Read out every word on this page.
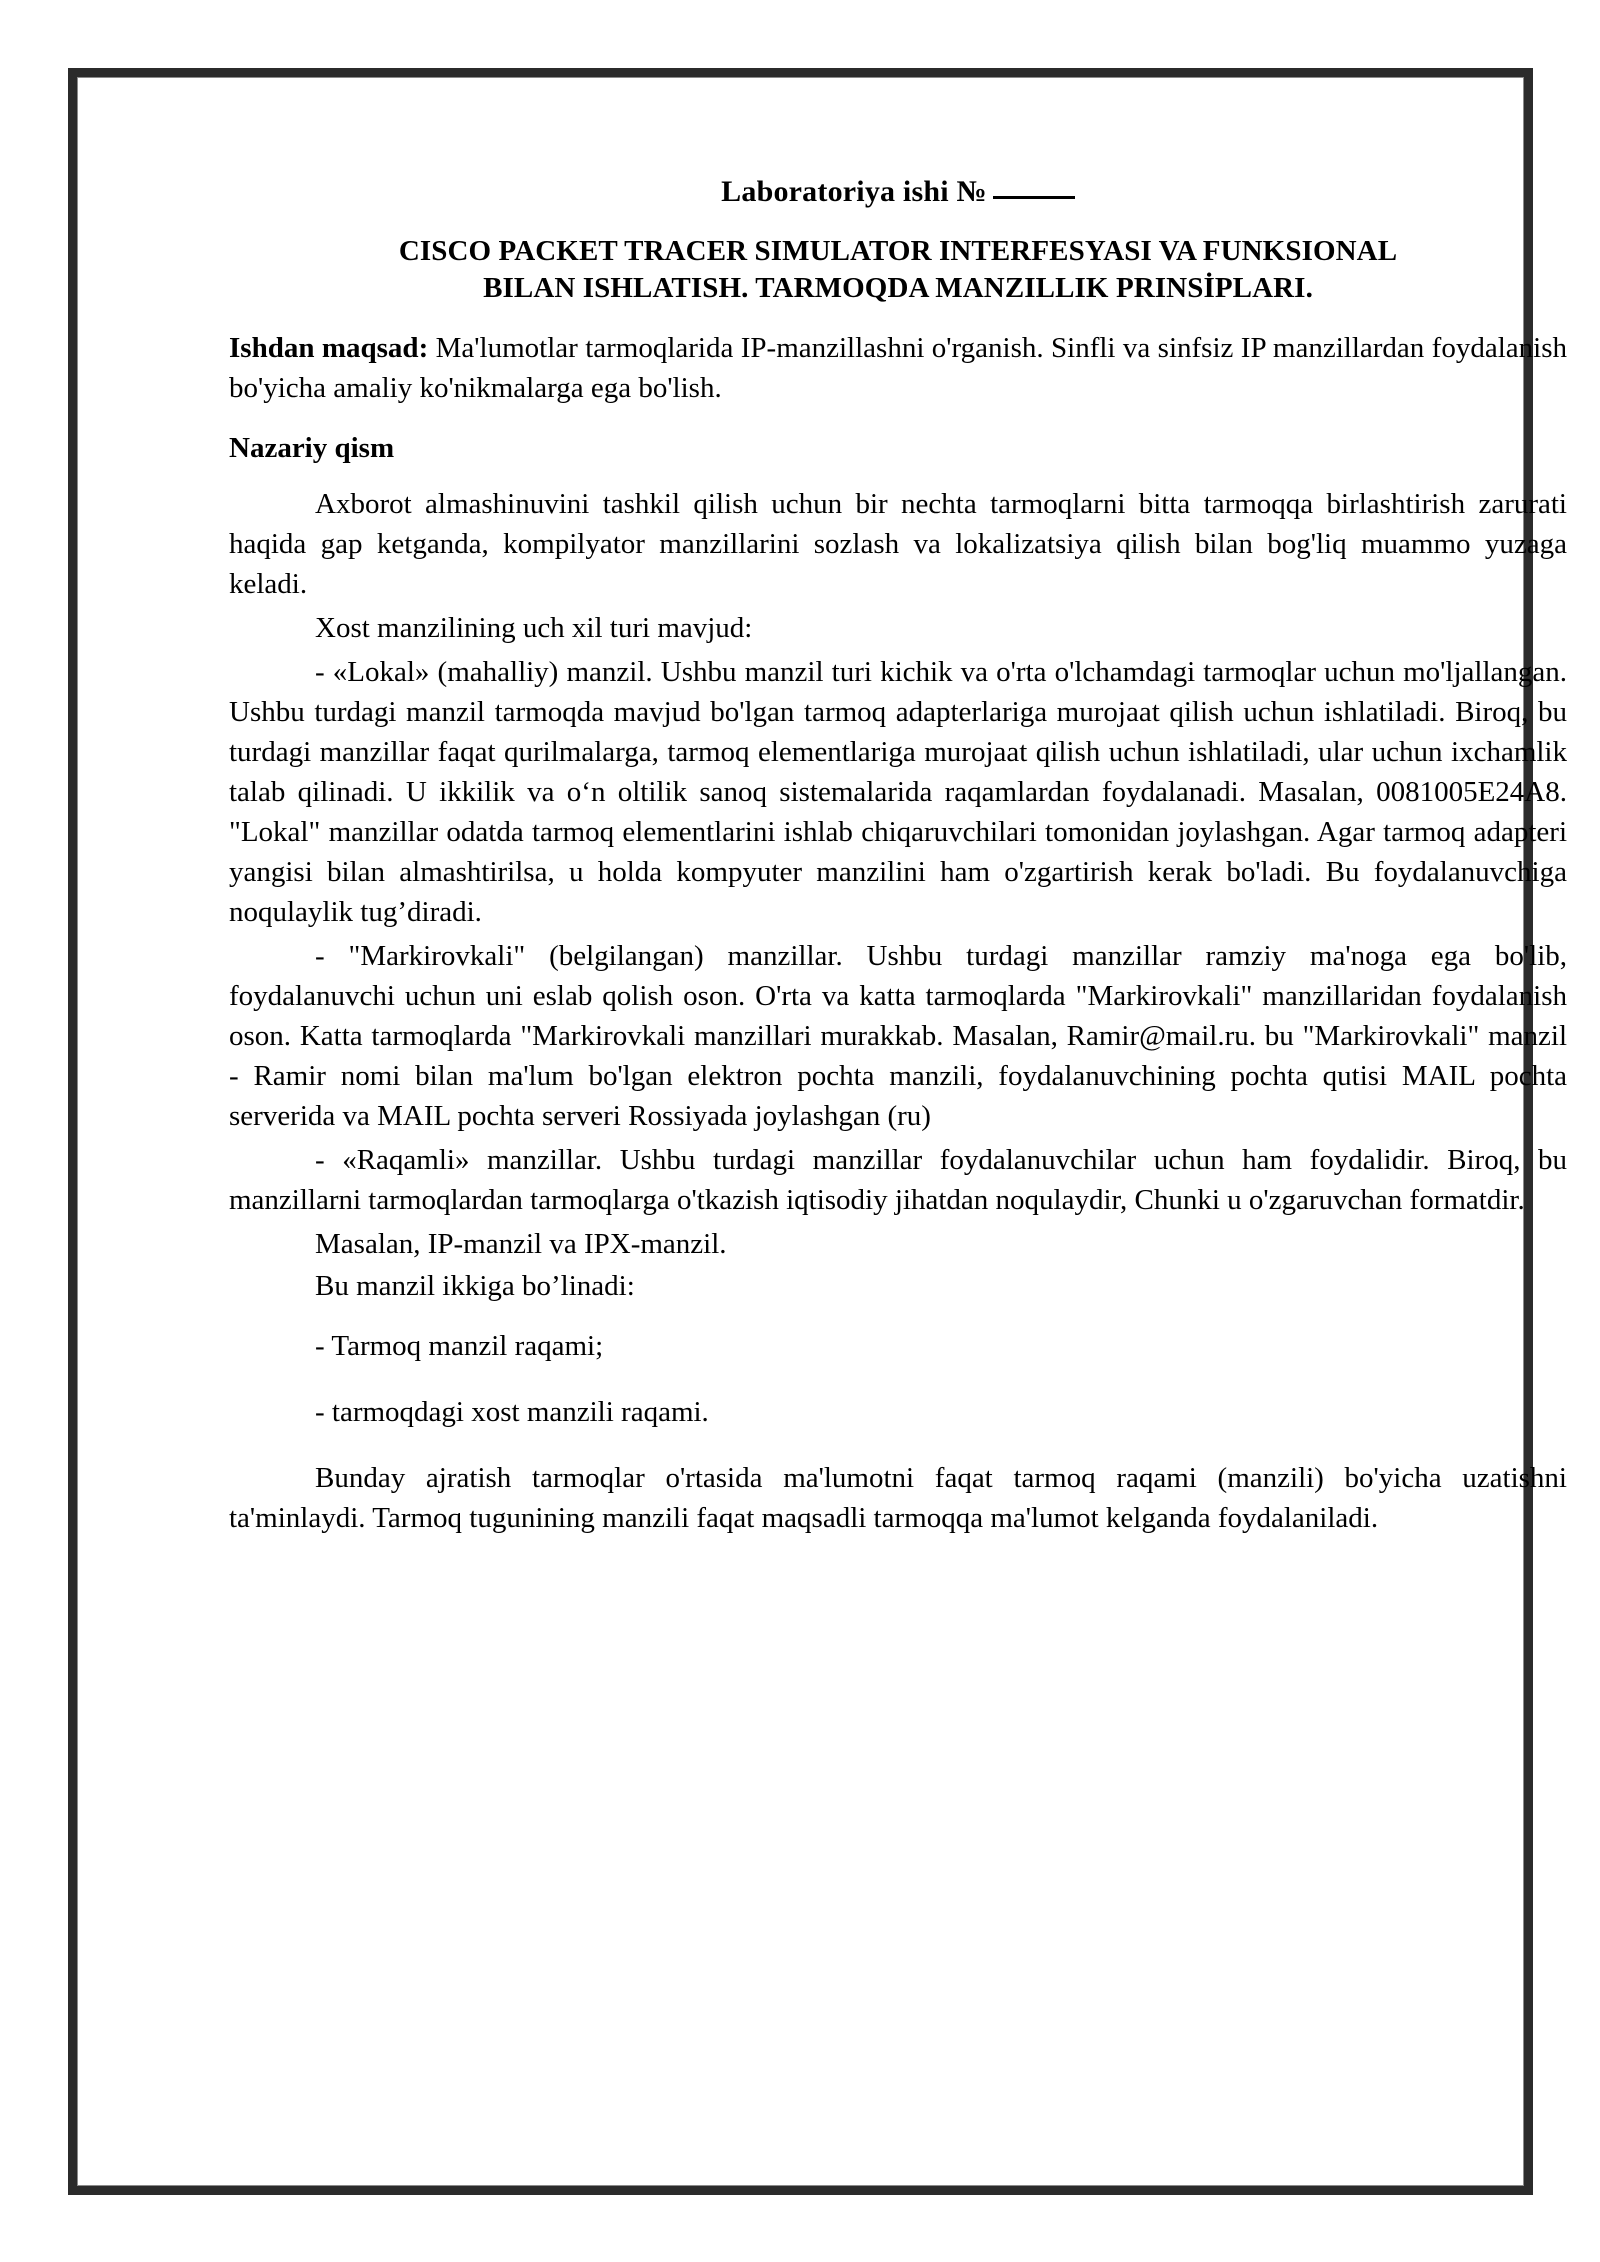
Laboratoriya ishi №
CISCO PACKET TRACER SIMULATOR INTERFESYASI VA FUNKSIONAL BILAN ISHLATISH. TARMOQDA MANZILLIK PRINSİPLARI.

Ishdan maqsad: Ma'lumotlar tarmoqlarida IP-manzillashni o'rganish. Sinfli va sinfsiz IP manzillardan foydalanish bo'yicha amaliy ko'nikmalarga ega bo'lish.

Nazariy qism

Axborot almashinuvini tashkil qilish uchun bir nechta tarmoqlarni bitta tarmoqqa birlashtirish zarurati haqida gap ketganda, kompilyator manzillarini sozlash va lokalizatsiya qilish bilan bog'liq muammo yuzaga keladi.

Xost manzilining uch xil turi mavjud:

- «Lokal» (mahalliy) manzil. Ushbu manzil turi kichik va o'rta o'lchamdagi tarmoqlar uchun mo'ljallangan. Ushbu turdagi manzil tarmoqda mavjud bo'lgan tarmoq adapterlariga murojaat qilish uchun ishlatiladi. Biroq, bu turdagi manzillar faqat qurilmalarga, tarmoq elementlariga murojaat qilish uchun ishlatiladi, ular uchun ixchamlik talab qilinadi. U ikkilik va oʻn oltilik sanoq sistemalarida raqamlardan foydalanadi. Masalan, 0081005E24A8. "Lokal" manzillar odatda tarmoq elementlarini ishlab chiqaruvchilari tomonidan joylashgan. Agar tarmoq adapteri yangisi bilan almashtirilsa, u holda kompyuter manzilini ham o'zgartirish kerak bo'ladi. Bu foydalanuvchiga noqulaylik tug’diradi.

- "Markirovkali" (belgilangan) manzillar. Ushbu turdagi manzillar ramziy ma'noga ega bo'lib, foydalanuvchi uchun uni eslab qolish oson. O'rta va katta tarmoqlarda "Markirovkali" manzillaridan foydalanish oson. Katta tarmoqlarda "Markirovkali manzillari murakkab. Masalan, Ramir@mail.ru. bu "Markirovkali" manzil - Ramir nomi bilan ma'lum bo'lgan elektron pochta manzili, foydalanuvchining pochta qutisi MAIL pochta serverida va MAIL pochta serveri Rossiyada joylashgan (ru)

- «Raqamli» manzillar. Ushbu turdagi manzillar foydalanuvchilar uchun ham foydalidir. Biroq, bu manzillarni tarmoqlardan tarmoqlarga o'tkazish iqtisodiy jihatdan noqulaydir, Chunki u o'zgaruvchan formatdir.

Masalan, IP-manzil va IPX-manzil.

Bu manzil ikkiga bo’linadi:

- Tarmoq manzil raqami;

- tarmoqdagi xost manzili raqami.

Bunday ajratish tarmoqlar o'rtasida ma'lumotni faqat tarmoq raqami (manzili) bo'yicha uzatishni ta'minlaydi. Tarmoq tugunining manzili faqat maqsadli tarmoqqa ma'lumot kelganda foydalaniladi.
